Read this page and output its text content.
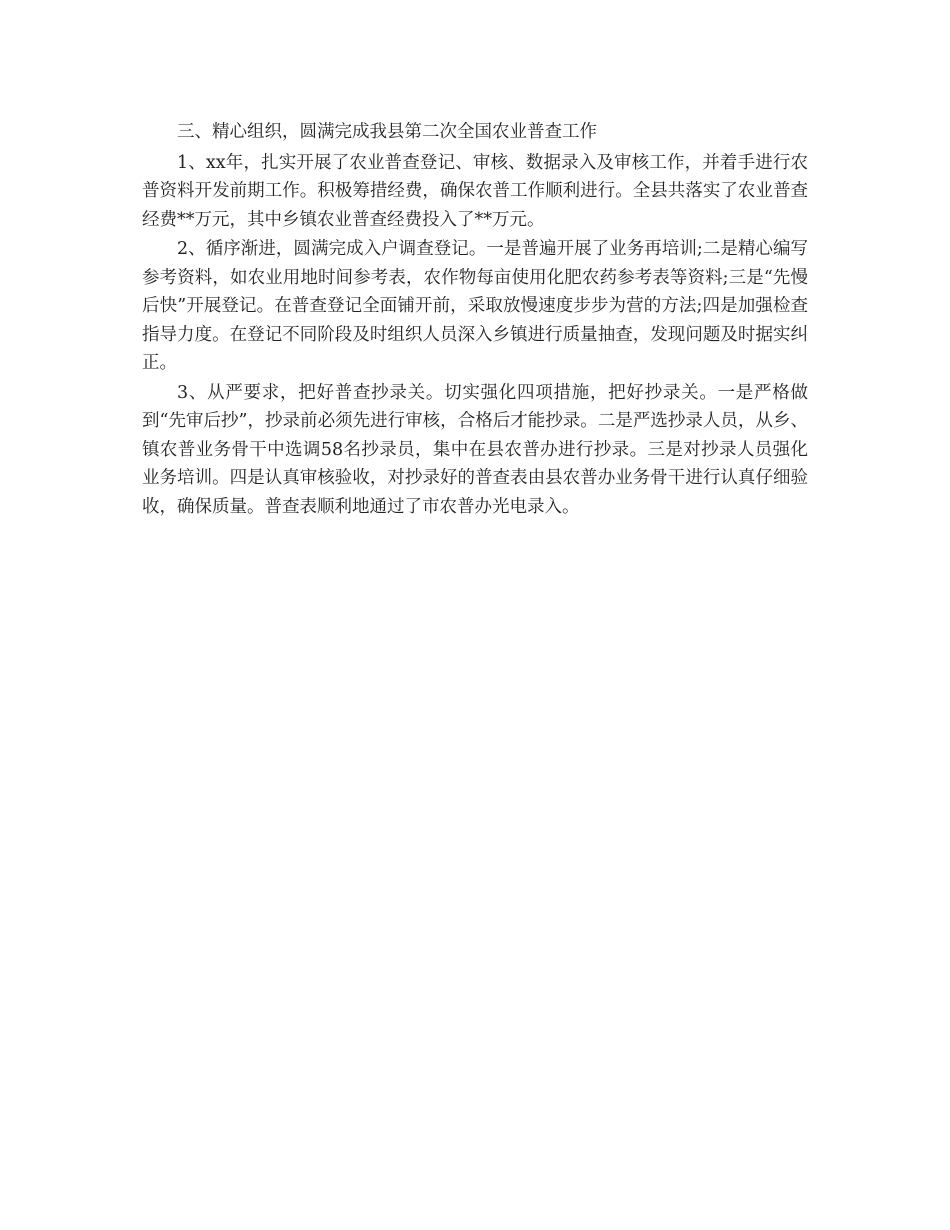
三、精心组织，圆满完成我县第二次全国农业普查工作

1、xx年，扎实开展了农业普查登记、审核、数据录入及审核工作，并着手进行农普资料开发前期工作。积极筹措经费，确保农普工作顺利进行。全县共落实了农业普查经费**万元，其中乡镇农业普查经费投入了**万元。

2、循序渐进，圆满完成入户调查登记。一是普遍开展了业务再培训;二是精心编写参考资料，如农业用地时间参考表，农作物每亩使用化肥农药参考表等资料;三是“先慢后快”开展登记。在普查登记全面铺开前，采取放慢速度步步为营的方法;四是加强检查指导力度。在登记不同阶段及时组织人员深入乡镇进行质量抽查，发现问题及时据实纠正。

3、从严要求，把好普查抄录关。切实强化四项措施，把好抄录关。一是严格做到“先审后抄”，抄录前必须先进行审核，合格后才能抄录。二是严选抄录人员，从乡、镇农普业务骨干中选调58名抄录员，集中在县农普办进行抄录。三是对抄录人员强化业务培训。四是认真审核验收，对抄录好的普查表由县农普办业务骨干进行认真仔细验收，确保质量。普查表顺利地通过了市农普办光电录入。
